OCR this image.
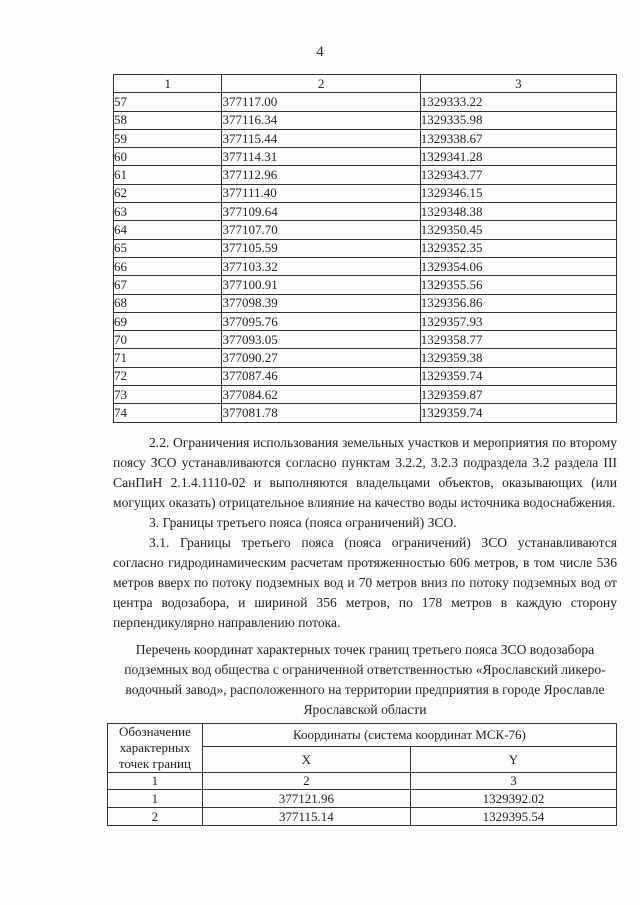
4
1	2	3
57	377117.00	1329333.22
58	377116.34	1329335.98
59	377115.44	1329338.67
60	377114.31	1329341.28
61	377112.96	1329343.77
62	377111.40	1329346.15
63	377109.64	1329348.38
64	377107.70	1329350.45
65	377105.59	1329352.35
66	377103.32	1329354.06
67	377100.91	1329355.56
68	377098.39	1329356.86
69	377095.76	1329357.93
70	377093.05	1329358.77
71	377090.27	1329359.38
72	377087.46	1329359.74
73	377084.62	1329359.87
74	377081.78	1329359.74

2.2. Ограничения использования земельных участков и мероприятия по второму поясу ЗСО устанавливаются согласно пунктам 3.2.2, 3.2.3 подраздела 3.2 раздела III СанПиН 2.1.4.1110-02 и выполняются владельцами объектов, оказывающих (или могущих оказать) отрицательное влияние на качество воды источника водоснабжения.

3. Границы третьего пояса (пояса ограничений) ЗСО.

3.1. Границы третьего пояса (пояса ограничений) ЗСО устанавливаются согласно гидродинамическим расчетам протяженностью 606 метров, в том числе 536 метров вверх по потоку подземных вод и 70 метров вниз по потоку подземных вод от центра водозабора, и шириной 356 метров, по 178 метров в каждую сторону перпендикулярно направлению потока.

Перечень координат характерных точек границ третьего пояса ЗСО водозабора подземных вод общества с ограниченной ответственностью «Ярославский ликеро-водочный завод», расположенного на территории предприятия в городе Ярославле Ярославской области
Обозначение характерных точек границ	Координаты (система координат МСК-76)	
	X	Y
1	2	3
1	377121.96	1329392.02
2	377115.14	1329395.54
